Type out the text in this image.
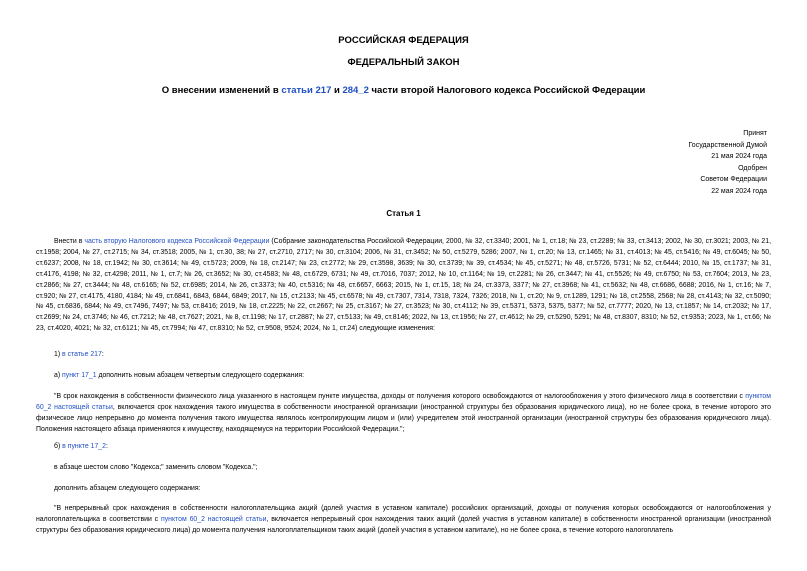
РОССИЙСКАЯ ФЕДЕРАЦИЯ
ФЕДЕРАЛЬНЫЙ ЗАКОН
О внесении изменений в статьи 217 и 284_2 части второй Налогового кодекса Российской Федерации
Принят
Государственной Думой
21 мая 2024 года
Одобрен
Советом Федерации
22 мая 2024 года
Статья 1
Внести в часть вторую Налогового кодекса Российской Федерации (Собрание законодательства Российской Федерации, 2000, № 32, ст.3340; 2001, № 1, ст.18; № 23, ст.2289; № 33, ст.3413; 2002, № 30, ст.3021; 2003, № 21, ст.1958; 2004, № 27, ст.2715; № 34, ст.3518; 2005, № 1, ст.30, 38; № 27, ст.2710, 2717; № 30, ст.3104; 2006, № 31, ст.3452; № 50, ст.5279, 5286; 2007, № 1, ст.20; № 13, ст.1465; № 31, ст.4013; № 45, ст.5416; № 49, ст.6045; № 50, ст.6237; 2008, № 18, ст.1942; № 30, ст.3614; № 49, ст.5723; 2009, № 18, ст.2147; № 23, ст.2772; № 29, ст.3598, 3639; № 30, ст.3739; № 39, ст.4534; № 45, ст.5271; № 48, ст.5726, 5731; № 52, ст.6444; 2010, № 15, ст.1737; № 31, ст.4176, 4198; № 32, ст.4298; 2011, № 1, ст.7; № 26, ст.3652; № 30, ст.4583; № 48, ст.6729, 6731; № 49, ст.7016, 7037; 2012, № 10, ст.1164; № 19, ст.2281; № 26, ст.3447; № 41, ст.5526; № 49, ст.6750; № 53, ст.7604; 2013, № 23, ст.2866; № 27, ст.3444; № 48, ст.6165; № 52, ст.6985; 2014, № 26, ст.3373; № 40, ст.5316; № 48, ст.6657, 6663; 2015, № 1, ст.15, 18; № 24, ст.3373, 3377; № 27, ст.3968; № 41, ст.5632; № 48, ст.6686, 6688; 2016, № 1, ст.16; № 7, ст.920; № 27, ст.4175, 4180, 4184; № 49, ст.6841, 6843, 6844, 6849; 2017, № 15, ст.2133; № 45, ст.6578; № 49, ст.7307, 7314, 7318, 7324, 7326; 2018, № 1, ст.20; № 9, ст.1289, 1291; № 18, ст.2558, 2568; № 28, ст.4143; № 32, ст.5090; № 45, ст.6836, 6844; № 49, ст.7496, 7497; № 53, ст.8416; 2019, № 18, ст.2225; № 22, ст.2667; № 25, ст.3167; № 27, ст.3523; № 30, ст.4112; № 39, ст.5371, 5373, 5375, 5377; № 52, ст.7777; 2020, № 13, ст.1857; № 14, ст.2032; № 17, ст.2699; № 24, ст.3746; № 46, ст.7212; № 48, ст.7627; 2021, № 8, ст.1198; № 17, ст.2887; № 27, ст.5133; № 49, ст.8146; 2022, № 13, ст.1956; № 27, ст.4612; № 29, ст.5290, 5291; № 48, ст.8307, 8310; № 52, ст.9353; 2023, № 1, ст.66; № 23, ст.4020, 4021; № 32, ст.6121; № 45, ст.7994; № 47, ст.8310; № 52, ст.9508, 9524; 2024, № 1, ст.24) следующие изменения:
1) в статье 217:
а) пункт 17_1 дополнить новым абзацем четвертым следующего содержания:
"В срок нахождения в собственности физического лица указанного в настоящем пункте имущества, доходы от получения которого освобождаются от налогообложения у этого физического лица в соответствии с пунктом 60_2 настоящей статьи, включается срок нахождения такого имущества в собственности иностранной организации (иностранной структуры без образования юридического лица), но не более срока, в течение которого это физическое лицо непрерывно до момента получения такого имущества являлось контролирующим лицом и (или) учредителем этой иностранной организации (иностранной структуры без образования юридического лица). Положения настоящего абзаца применяются к имуществу, находящемуся на территории Российской Федерации.";
б) в пункте 17_2:
в абзаце шестом слово "Кодекса;" заменить словом "Кодекса.";
дополнить абзацем следующего содержания:
"В непрерывный срок нахождения в собственности налогоплательщика акций (долей участия в уставном капитале) российских организаций, доходы от получения которых освобождаются от налогообложения у налогоплательщика в соответствии с пунктом 60_2 настоящей статьи, включается непрерывный срок нахождения таких акций (долей участия в уставном капитале) в собственности иностранной организации (иностранной структуры без образования юридического лица) до момента получения налогоплательщиком таких акций (долей участия в уставном капитале), но не более срока, в течение которого налогоплатель
